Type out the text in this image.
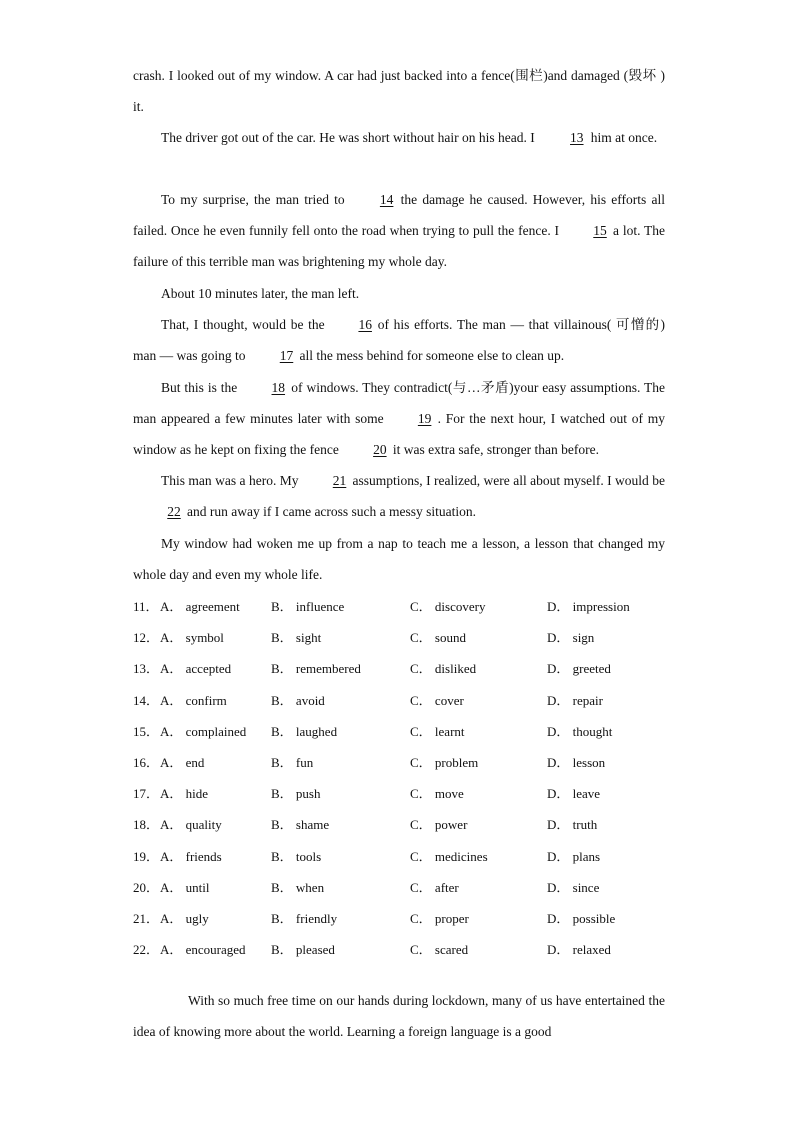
crash. I looked out of my window. A car had just backed into a fence(围栏)and damaged (毁坏 ) it.

The driver got out of the car. He was short without hair on his head. I	13 him at once.

To my surprise, the man tried to	14 the damage he caused. However, his efforts all failed. Once he even funnily fell onto the road when trying to pull the fence. I	15 a lot. The failure of this terrible man was brightening my whole day.

About 10 minutes later, the man left.

That, I thought, would be the	16 of his efforts. The man — that villainous( 可憎的) man — was going to	17 all the mess behind for someone else to clean up.

But this is the	18 of windows. They contradict(与…矛盾)your easy assumptions. The man appeared a few minutes later with some	19 . For the next hour, I watched out of my window as he kept on fixing the fence	20 it was extra safe, stronger than before.

This man was a hero. My	21 assumptions, I realized, were all about myself. I would be22 and run away if I came across such a messy situation.

My window had woken me up from a nap to teach me a lesson, a lesson that changed my whole day and even my whole life.

11． A． agreement B． influence	C． discovery	D． impression
12． A． symbol	B． sight	C． sound	D． sign
13． A． accepted	B． remembered	C． disliked	D． greeted
14． A． confirm	B． avoid	C． cover	D． repair
15． A． complained B． laughed	C． learnt	D． thought
16． A． end	B． fun	C． problem	D． lesson
17． A． hide	B． push	C． move	D． leave
18． A． quality	B． shame	C． power	D． truth
19． A． friends	B． tools	C． medicines	D． plans
20． A． until	B． when	C． after	D． since
21． A． ugly	B． friendly	C． proper	D． possible
22． A． encouraged B． pleased	C． scared	D． relaxed

With so much free time on our hands during lockdown, many of us have entertained the idea of knowing more about the world. Learning a foreign language is a good
